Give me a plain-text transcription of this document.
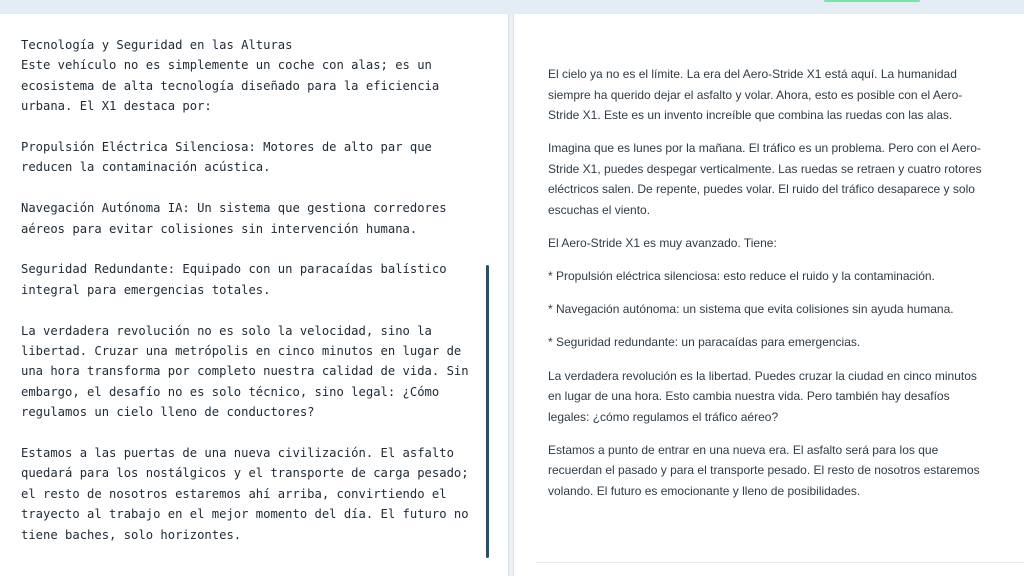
Tecnología y Seguridad en las Alturas

Este vehículo no es simplemente un coche con alas; es un ecosistema de alta tecnología diseñado para la eficiencia urbana. El X1 destaca por:

Propulsión Eléctrica Silenciosa: Motores de alto par que reducen la contaminación acústica.

Navegación Autónoma IA: Un sistema que gestiona corredores aéreos para evitar colisiones sin intervención humana.

Seguridad Redundante: Equipado con un paracaídas balístico integral para emergencias totales.

La verdadera revolución no es solo la velocidad, sino la libertad. Cruzar una metrópolis en cinco minutos en lugar de una hora transforma por completo nuestra calidad de vida. Sin embargo, el desafío no es solo técnico, sino legal: ¿Cómo regulamos un cielo lleno de conductores?

Estamos a las puertas de una nueva civilización. El asfalto quedará para los nostálgicos y el transporte de carga pesado; el resto de nosotros estaremos ahí arriba, convirtiendo el trayecto al trabajo en el mejor momento del día. El futuro no tiene baches, solo horizontes.

El cielo ya no es el límite. La era del Aero-Stride X1 está aquí. La humanidad siempre ha querido dejar el asfalto y volar. Ahora, esto es posible con el Aero-Stride X1. Este es un invento increíble que combina las ruedas con las alas.

Imagina que es lunes por la mañana. El tráfico es un problema. Pero con el Aero-Stride X1, puedes despegar verticalmente. Las ruedas se retraen y cuatro rotores eléctricos salen. De repente, puedes volar. El ruido del tráfico desaparece y solo escuchas el viento.

El Aero-Stride X1 es muy avanzado. Tiene:

* Propulsión eléctrica silenciosa: esto reduce el ruido y la contaminación.

* Navegación autónoma: un sistema que evita colisiones sin ayuda humana.

* Seguridad redundante: un paracaídas para emergencias.

La verdadera revolución es la libertad. Puedes cruzar la ciudad en cinco minutos en lugar de una hora. Esto cambia nuestra vida. Pero también hay desafíos legales: ¿cómo regulamos el tráfico aéreo?

Estamos a punto de entrar en una nueva era. El asfalto será para los que recuerdan el pasado y para el transporte pesado. El resto de nosotros estaremos volando. El futuro es emocionante y lleno de posibilidades.
